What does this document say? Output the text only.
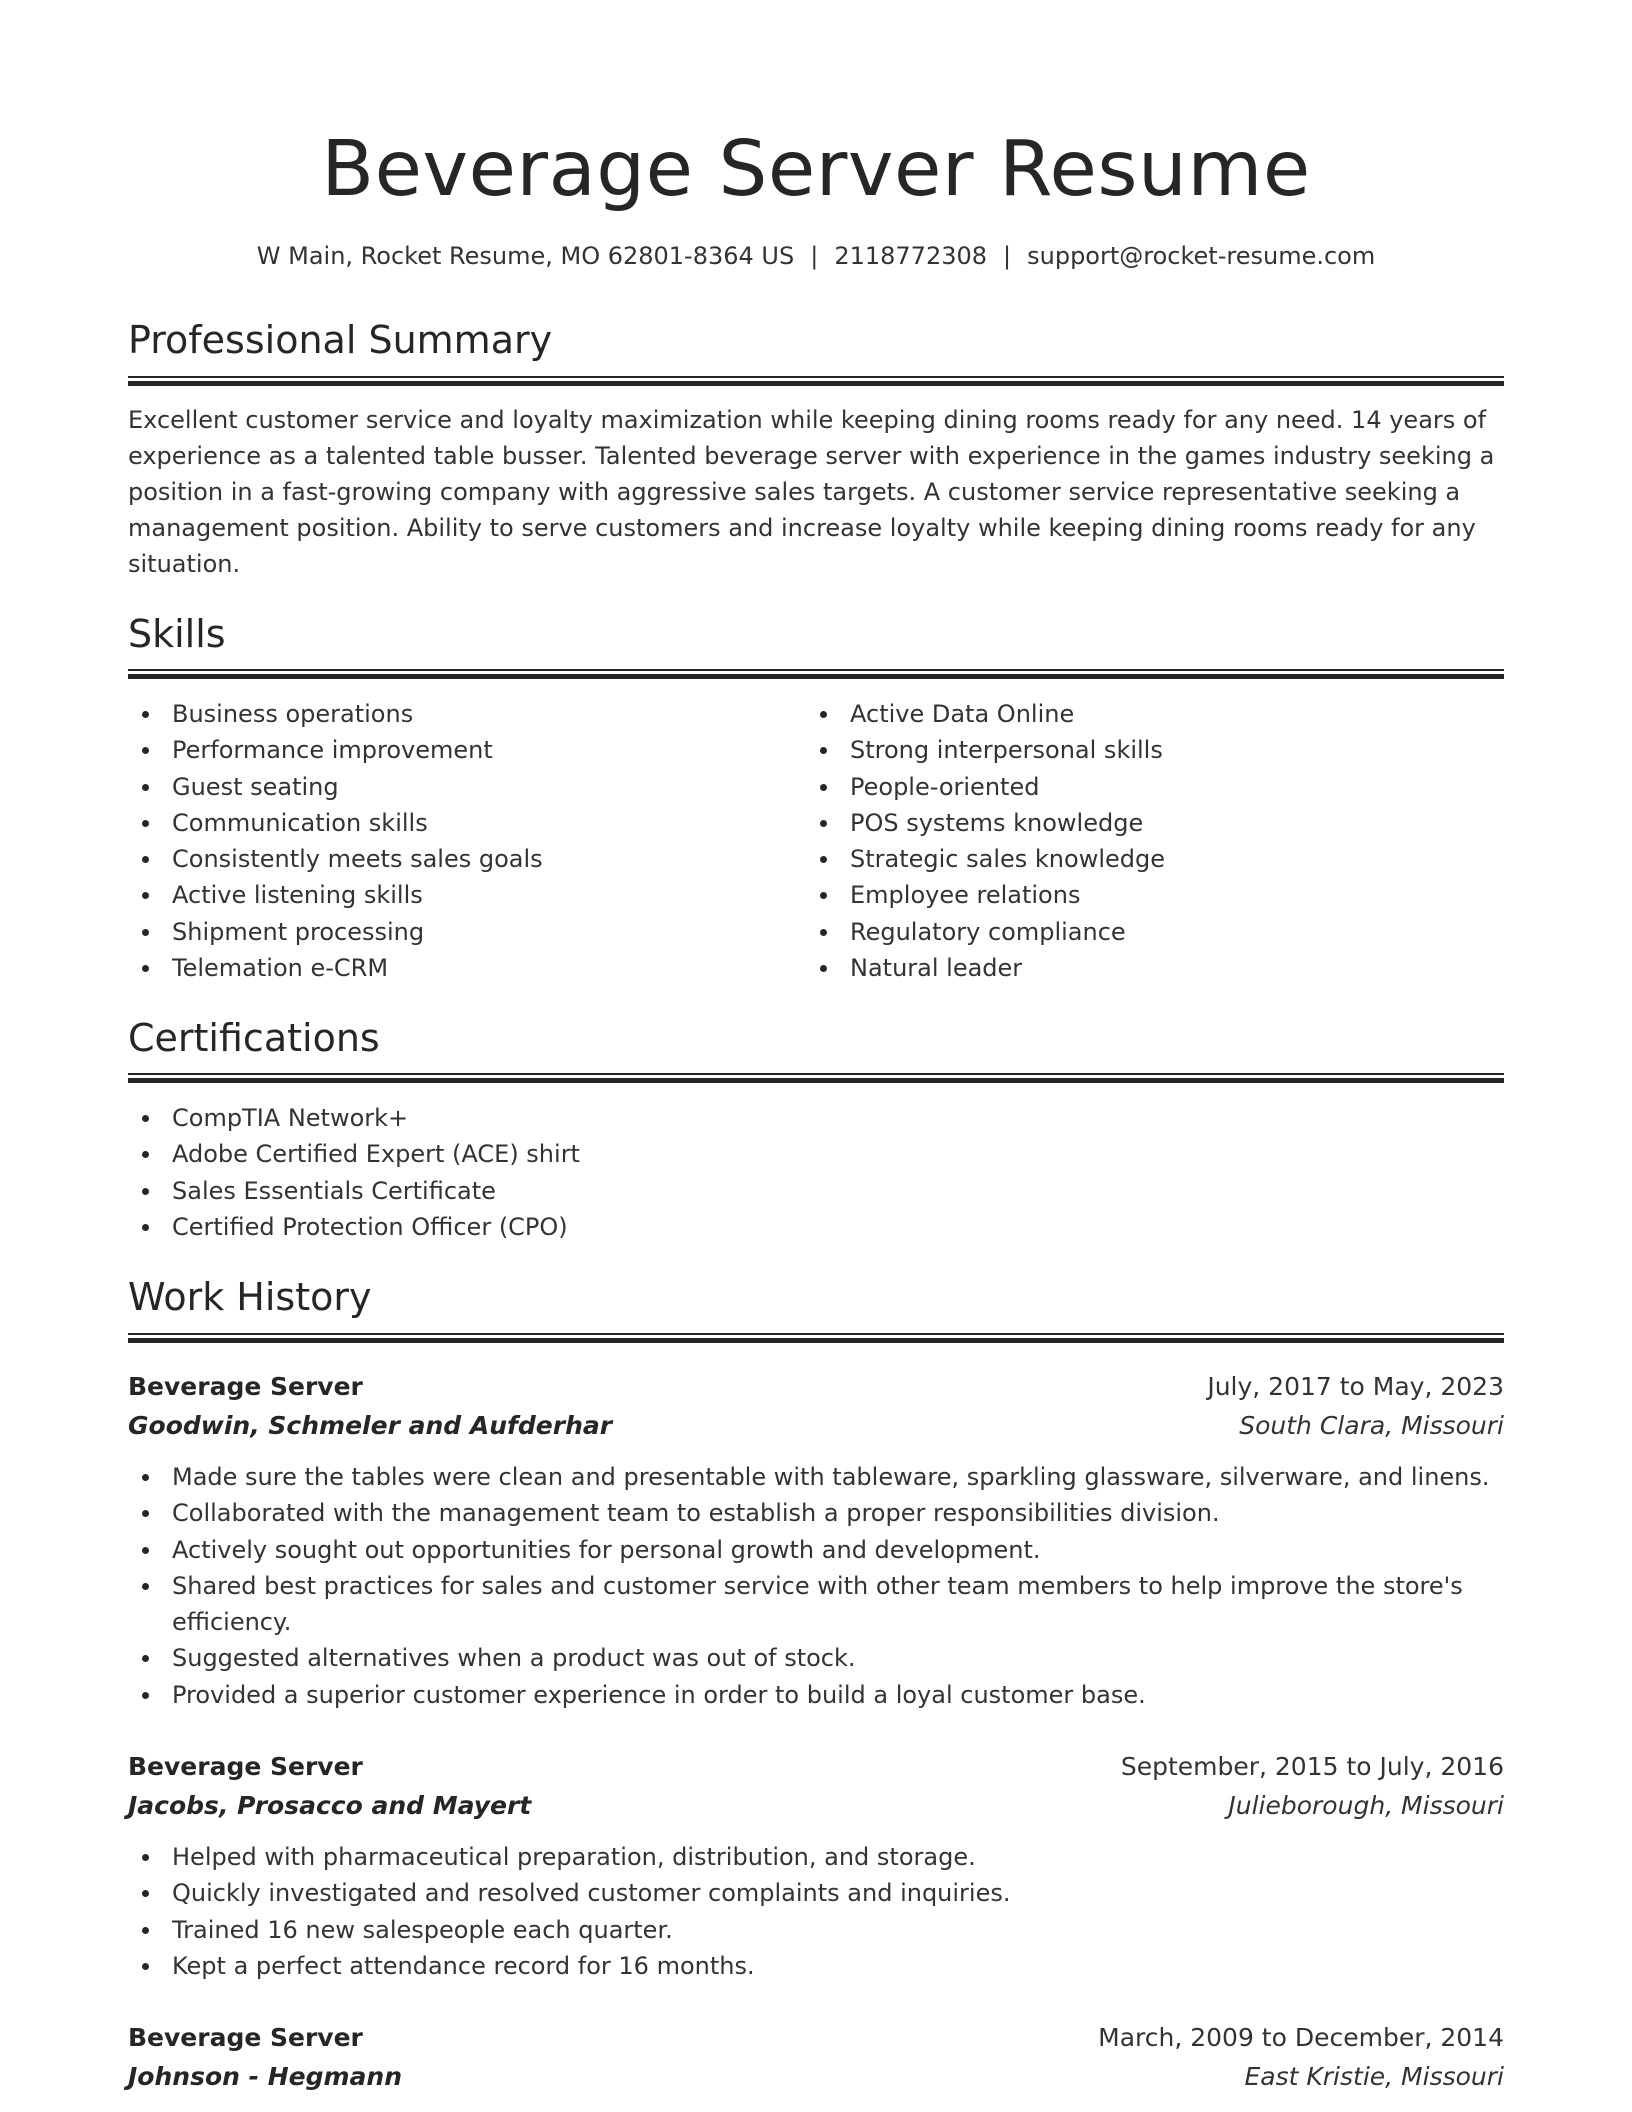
Beverage Server Resume
W Main, Rocket Resume, MO 62801-8364 US | 2118772308 | support@rocket-resume.com
Professional Summary
Excellent customer service and loyalty maximization while keeping dining rooms ready for any need. 14 years of experience as a talented table busser. Talented beverage server with experience in the games industry seeking a position in a fast-growing company with aggressive sales targets. A customer service representative seeking a management position. Ability to serve customers and increase loyalty while keeping dining rooms ready for any situation.
Skills
Business operations
Performance improvement
Guest seating
Communication skills
Consistently meets sales goals
Active listening skills
Shipment processing
Telemation e-CRM
Active Data Online
Strong interpersonal skills
People-oriented
POS systems knowledge
Strategic sales knowledge
Employee relations
Regulatory compliance
Natural leader
Certifications
CompTIA Network+
Adobe Certified Expert (ACE) shirt
Sales Essentials Certificate
Certified Protection Officer (CPO)
Work History
Beverage Server	July, 2017 to May, 2023
Goodwin, Schmeler and Aufderhar	South Clara, Missouri
Made sure the tables were clean and presentable with tableware, sparkling glassware, silverware, and linens.
Collaborated with the management team to establish a proper responsibilities division.
Actively sought out opportunities for personal growth and development.
Shared best practices for sales and customer service with other team members to help improve the store's efficiency.
Suggested alternatives when a product was out of stock.
Provided a superior customer experience in order to build a loyal customer base.
Beverage Server	September, 2015 to July, 2016
Jacobs, Prosacco and Mayert	Julieborough, Missouri
Helped with pharmaceutical preparation, distribution, and storage.
Quickly investigated and resolved customer complaints and inquiries.
Trained 16 new salespeople each quarter.
Kept a perfect attendance record for 16 months.
Beverage Server	March, 2009 to December, 2014
Johnson - Hegmann	East Kristie, Missouri
